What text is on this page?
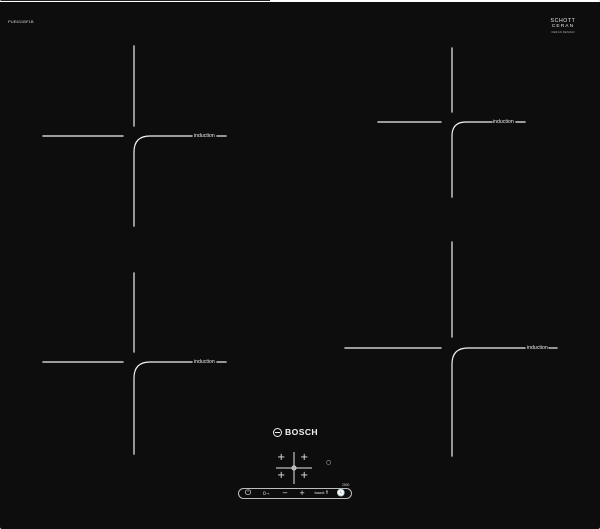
PUE611BF1B	SCHOTT
CERAN
CERAN DESIGN
induction
induction
induction
induction
BOSCH
+ +
+ +
○
2000
⏻	O⊸	− +	boost ⇑ 🕓
